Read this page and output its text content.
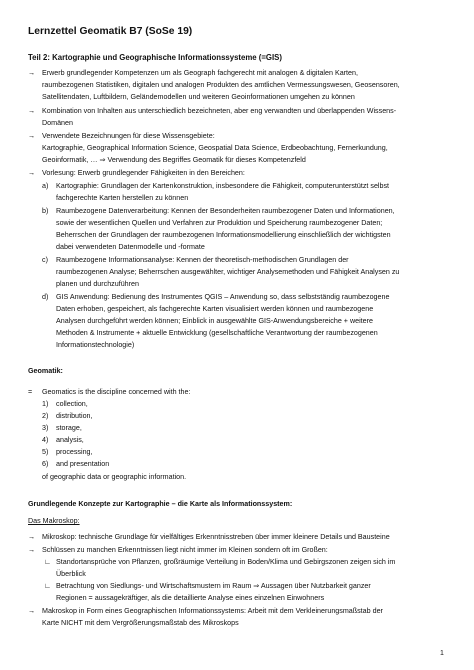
Lernzettel Geomatik B7 (SoSe 19)
Teil 2: Kartographie und Geographische Informationssysteme (=GIS)
→ Erwerb grundlegender Kompetenzen um als Geograph fachgerecht mit analogen & digitalen Karten,
raumbezogenen Statistiken, digitalen und analogen Produkten des amtlichen Vermessungswesen, Geosensoren,
Satellitendaten, Luftbildern, Geländemodellen und weiteren Geoinformationen umgehen zu können
→ Kombination von Inhalten aus unterschiedlich bezeichneten, aber eng verwandten und überlappenden Wissens-
Domänen
→ Verwendete Bezeichnungen für diese Wissensgebiete:
Kartographie, Geographical Information Science, Geospatial Data Science, Erdbeobachtung, Fernerkundung,
Geoinformatik, … ⇒ Verwendung des Begriffes Geomatik für dieses Kompetenzfeld
→ Vorlesung: Erwerb grundlegender Fähigkeiten in den Bereichen:
a) Kartographie: Grundlagen der Kartenkonstruktion, insbesondere die Fähigkeit, computerunterstützt selbst
fachgerechte Karten herstellen zu können
b) Raumbezogene Datenverarbeitung: Kennen der Besonderheiten raumbezogener Daten und Informationen,
sowie der wesentlichen Quellen und Verfahren zur Produktion und Speicherung raumbezogener Daten;
Beherrschen der Grundlagen der raumbezogenen Informationsmodellierung einschließlich der wichtigsten
dabei verwendeten Datenmodelle und -formate
c) Raumbezogene Informationsanalyse: Kennen der theoretisch-methodischen Grundlagen der
raumbezogenen Analyse; Beherrschen ausgewählter, wichtiger Analysemethoden und Fähigkeit Analysen zu
planen und durchzuführen
d) GIS Anwendung: Bedienung des Instrumentes QGIS – Anwendung so, dass selbstständig raumbezogene
Daten erhoben, gespeichert, als fachgerechte Karten visualisiert werden können und raumbezogene
Analysen durchgeführt werden können; Einblick in ausgewählte GIS-Anwendungsbereiche + weitere
Methoden & Instrumente + aktuelle Entwicklung (gesellschaftliche Verantwortung der raumbezogenen
Informationstechnologie)
Geomatik:
= Geomatics is the discipline concerned with the:
1) collection,
2) distribution,
3) storage,
4) analysis,
5) processing,
6) and presentation
of geographic data or geographic information.
Grundlegende Konzepte zur Kartographie – die Karte als Informationssystem:
Das Makroskop:
→ Mikroskop: technische Grundlage für vielfältiges Erkenntnisstreben über immer kleinere Details und Bausteine
→ Schlüssen zu manchen Erkenntnissen liegt nicht immer im Kleinen sondern oft im Großen:
∟ Standortansprüche von Pflanzen, großräumige Verteilung in Boden/Klima und Gebirgszonen zeigen sich im
Überblick
∟ Betrachtung von Siedlungs- und Wirtschaftsmustern im Raum ⇒ Aussagen über Nutzbarkeit ganzer
Regionen = aussagekräftiger, als die detaillierte Analyse eines einzelnen Einwohners
→ Makroskop in Form eines Geographischen Informationssystems: Arbeit mit dem Verkleinerungsmaßstab der
Karte NICHT mit dem Vergrößerungsmaßstab des Mikroskops
1
